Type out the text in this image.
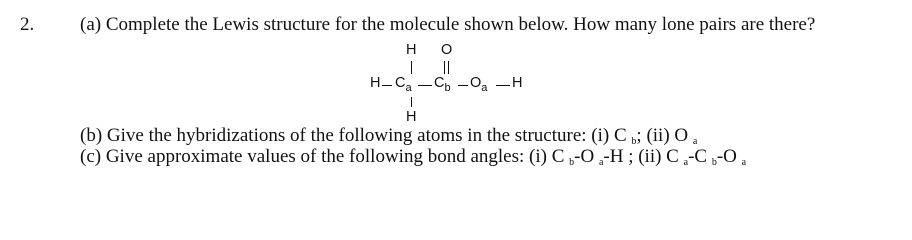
2. (a) Complete the Lewis structure for the molecule shown below. How many lone pairs are there?
H O
H $C_a$ $C_b$ $O_a$ H
H
(b) Give the hybridizations of the following atoms in the structure: (i) C b; (ii) O a
(c) Give approximate values of the following bond angles: (i) C b-O a-H ; (ii) C a-C b-O a
